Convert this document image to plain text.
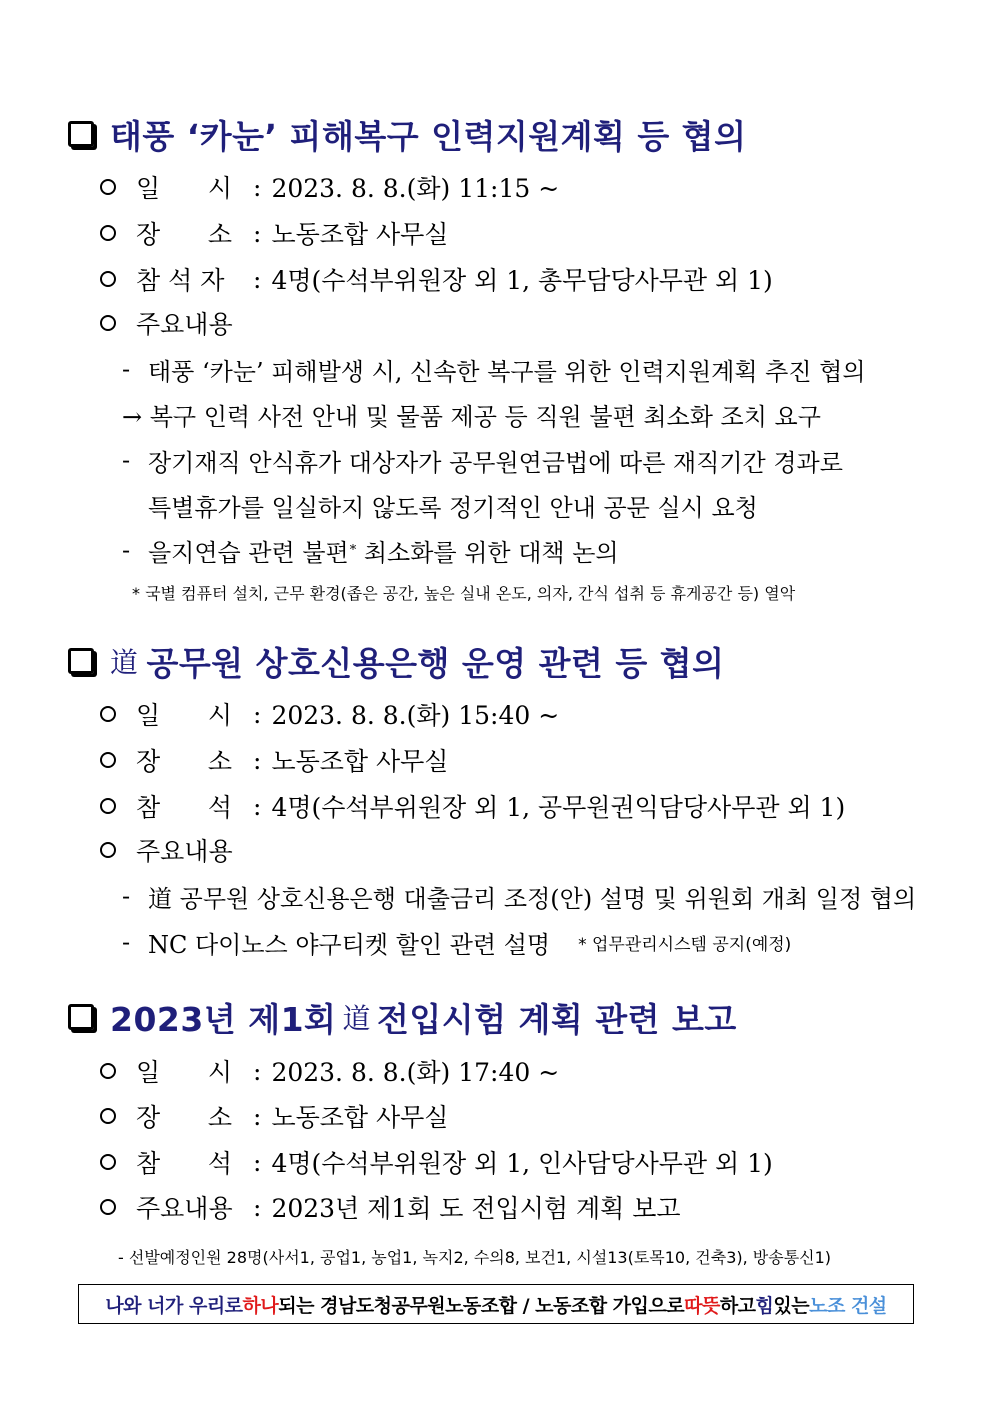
태풍 ‘카눈’ 피해복구 인력지원계획 등 협의
일      시 : 2023. 8. 8.(화) 11:15 ~
장      소 : 노동조합 사무실
참 석 자	: 4명(수석부위원장 외 1, 총무담당사무관 외 1)
주요내용
- 태풍 ‘카눈’ 피해발생 시, 신속한 복구를 위한 인력지원계획 추진 협의
→ 복구 인력 사전 안내 및 물품 제공 등 직원 불편 최소화 조치 요구
- 장기재직 안식휴가 대상자가 공무원연금법에 따른 재직기간 경과로
특별휴가를 일실하지 않도록 정기적인 안내 공문 실시 요청
- 을지연습 관련 불편 *
최소화를 위한 대책 논의
* 국별 컴퓨터 설치, 근무 환경(좁은 공간, 높은 실내 온도, 의자, 간식 섭취 등 휴게공간 등) 열악
道 공무원 상호신용은행 운영 관련 등 협의
일      시 : 2023. 8. 8.(화) 15:40 ~
장      소 : 노동조합 사무실
참      석 : 4명(수석부위원장 외 1, 공무원권익담당사무관 외 1)
주요내용
- 道 공무원 상호신용은행 대출금리 조정(안) 설명 및 위원회 개최 일정 협의
- NC 다이노스 야구티켓 할인 관련 설명 * 업무관리시스템 공지(예정)
2023년 제1회 道 전입시험 계획 관련 보고
일      시 : 2023. 8. 8.(화) 17:40 ~
장      소 : 노동조합 사무실
참      석 : 4명(수석부위원장 외 1, 인사담당사무관 외 1)
주요내용 : 2023년 제1회 도 전입시험 계획 보고
- 선발예정인원 28명(사서1, 공업1, 농업1, 녹지2, 수의8, 보건1, 시설13(토목10, 건축3), 방송통신1)
나와 너가 우리로 하나 되는 경남도청공무원노동조합 / 노동조합 가입으로 따뜻 하고 힘 있는 노조 건설
